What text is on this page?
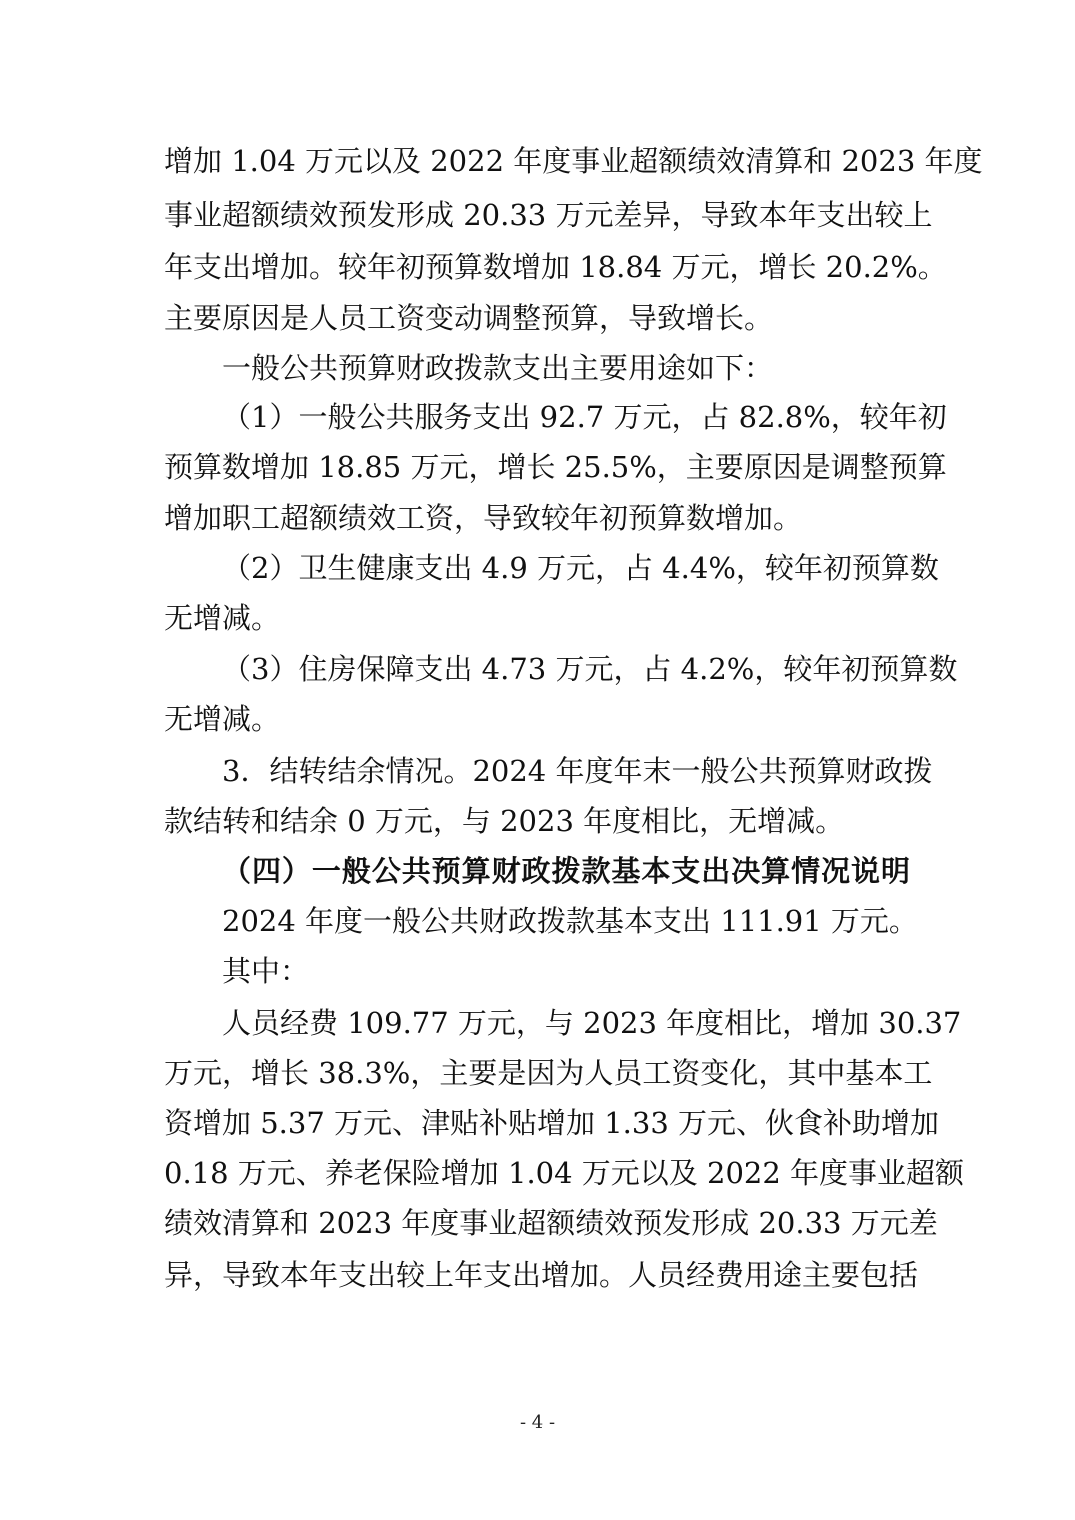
增加 1.04 万元以及 2022 年度事业超额绩效清算和 2023 年度
事业超额绩效预发形成 20.33 万元差异，导致本年支出较上
年支出增加。较年初预算数增加 18.84 万元，增长 20.2%。
主要原因是人员工资变动调整预算，导致增长。
一般公共预算财政拨款支出主要用途如下：
（1）一般公共服务支出 92.7 万元，占 82.8%，较年初
预算数增加 18.85 万元，增长 25.5%，主要原因是调整预算
增加职工超额绩效工资，导致较年初预算数增加。
（2）卫生健康支出 4.9 万元，占 4.4%，较年初预算数
无增减。
（3）住房保障支出 4.73 万元，占 4.2%，较年初预算数
无增减。
3．结转结余情况。2024 年度年末一般公共预算财政拨
款结转和结余 0 万元，与 2023 年度相比，无增减。
（四）一般公共预算财政拨款基本支出决算情况说明
2024 年度一般公共财政拨款基本支出 111.91 万元。
其中：
人员经费 109.77 万元，与 2023 年度相比，增加 30.37
万元，增长 38.3%，主要是因为人员工资变化，其中基本工
资增加 5.37 万元、津贴补贴增加 1.33 万元、伙食补助增加
0.18 万元、养老保险增加 1.04 万元以及 2022 年度事业超额
绩效清算和 2023 年度事业超额绩效预发形成 20.33 万元差
异，导致本年支出较上年支出增加。人员经费用途主要包括
- 4 -
